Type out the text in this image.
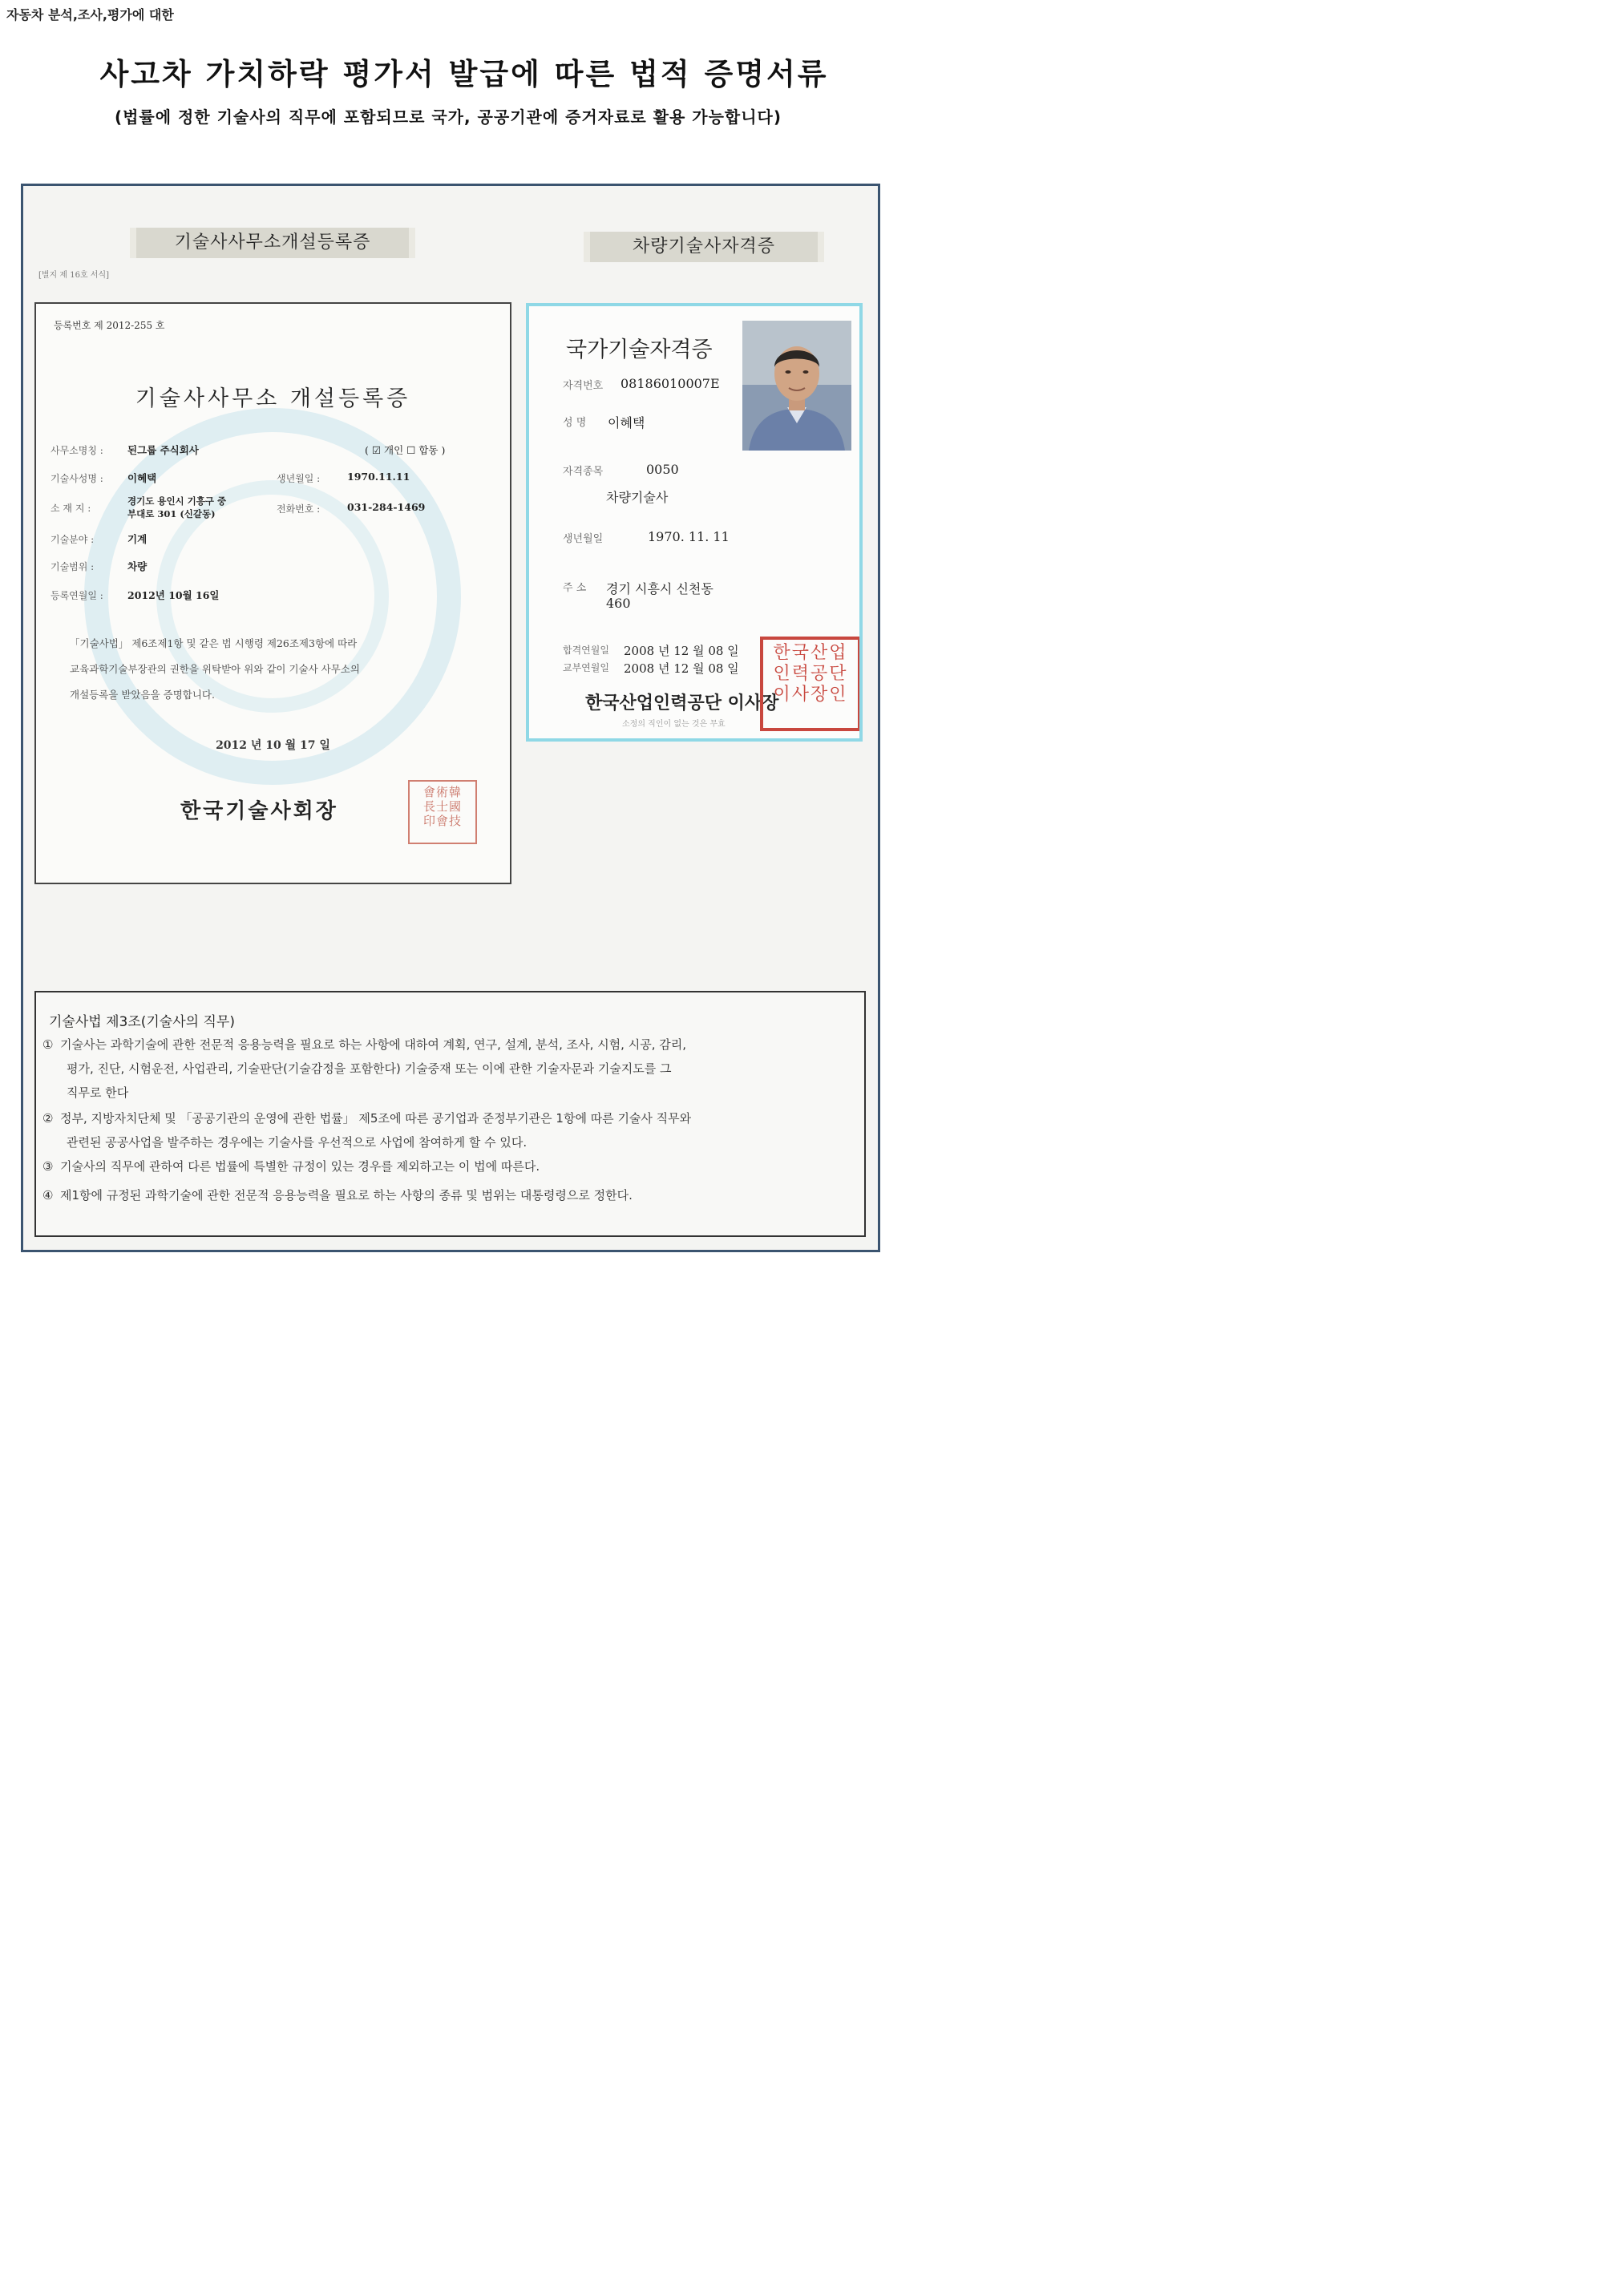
자동차 분석,조사,평가에 대한
사고차 가치하락 평가서 발급에 따른 법적 증명서류
(법률에 정한 기술사의 직무에 포함되므로 국가, 공공기관에 증거자료로 활용 가능합니다)
기술사사무소개설등록증	차량기술사자격증
[별지 제 16호 서식]
등록번호 제 2012-255 호
기술사사무소 개설등록증
사무소명칭 : 된그룹 주식회사	( ☑ 개인 ☐ 합동 )
기술사성명 : 이혜택	생년월일 :	1970.11.11
소 재 지 :
경기도 용인시 기흥구 중
부대로 301 (신갈동)	전화번호 :	031-284-1469
기술분야 :	기계
기술범위 :	차량
등록연월일 : 2012년 10월 16일
「기술사법」 제6조제1항 및 같은 법 시행령 제26조제3항에 따라
교육과학기술부장관의 권한을 위탁받아 위와 같이 기술사 사무소의
개설등록을 받았음을 증명합니다.
2012 년 10 월 17 일
한국기술사회장
會術韓
長士國
印會技
국가기술자격증
자격번호 08186010007E
성 명 이혜택
자격종목	0050
차량기술사
생년월일	1970. 11. 11
주 소 경기 시흥시 신천동
460
합격연월일 2008 년 12 월 08 일
교부연월일 2008 년 12 월 08 일
한국산업인력공단 이사장
소정의 직인이 없는 것은 무효
한국산업
인력공단
이사장인
기술사법 제3조(기술사의 직무)
① 기술사는 과학기술에 관한 전문적 응용능력을 필요로 하는 사항에 대하여 계획, 연구, 설계, 분석, 조사, 시험, 시공, 감리,
평가, 진단, 시험운전, 사업관리, 기술판단(기술감정을 포함한다) 기술중재 또는 이에 관한 기술자문과 기술지도를 그
직무로 한다
② 정부, 지방자치단체 및 「공공기관의 운영에 관한 법률」 제5조에 따른 공기업과 준정부기관은 1항에 따른 기술사 직무와
관련된 공공사업을 발주하는 경우에는 기술사를 우선적으로 사업에 참여하게 할 수 있다.
③ 기술사의 직무에 관하여 다른 법률에 특별한 규정이 있는 경우를 제외하고는 이 법에 따른다.
④ 제1항에 규정된 과학기술에 관한 전문적 응용능력을 필요로 하는 사항의 종류 및 범위는 대통령령으로 정한다.
